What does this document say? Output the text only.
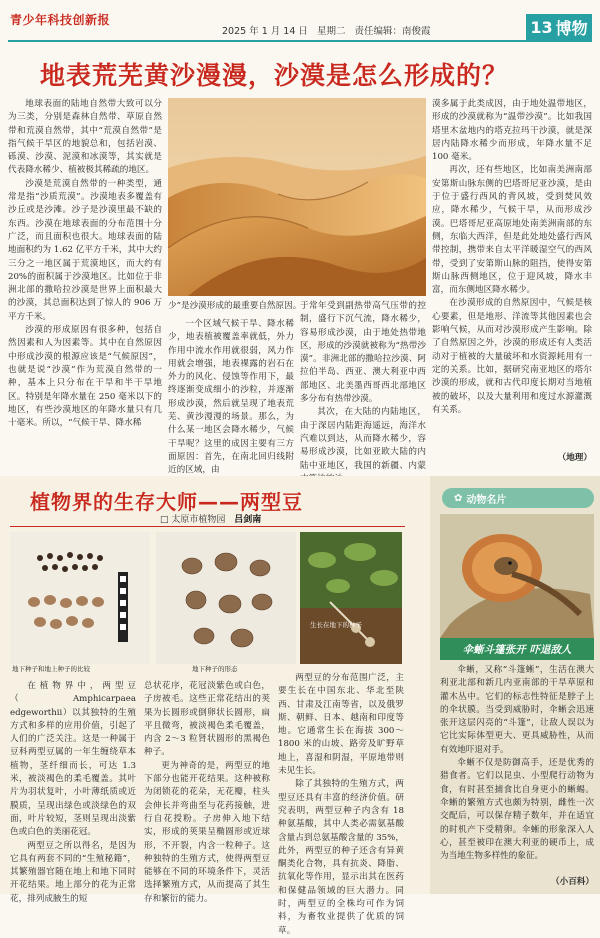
青少年科技创新报
2025 年 1 月 14 日 星期二 责任编辑：南俊霞	13 博物
地表荒芜黄沙漫漫，沙漠是怎么形成的？

地球表面的陆地自然带大致可以分为三类，分别是森林自然带、草原自然带和荒漠自然带，其中“荒漠自然带”是指气候干旱区的地貌总和，包括岩漠、砾漠、沙漠、泥漠和冰漠等，其实就是代表降水稀少、植被极其稀疏的地区。

沙漠是荒漠自然带的一种类型，通常是指“沙质荒漠”。沙漠地表多覆盖有沙丘或是沙滩。沙子是沙漠里最不缺的东西。沙漠在地球表面的分布范围十分广泛，而且面积也很大。地球表面的陆地面积约为 1.62 亿平方千米，其中大约三分之一地区属于荒漠地区，而大约有 20%的面积属于沙漠地区。比如位于非洲北部的撒哈拉沙漠是世界上面积最大的沙漠，其总面积达到了惊人的 906 万平方千米。

沙漠的形成原因有很多种，包括自然因素和人为因素等。其中在自然原因中形成沙漠的根源应该是“气候原因”，也就是说“沙漠”作为荒漠自然带的一种，基本上只分布在干旱和半干旱地区。特别是年降水量在 250 毫米以下的地区，有些沙漠地区的年降水量只有几十毫米。所以，“气候干旱、降水稀

少”是沙漠形成的最重要自然原因。

一个区域气候干旱、降水稀少，地表植被覆盖率就低，外力作用中流水作用就很弱，风力作用就会增强，地表裸露的岩石在外力的风化、侵蚀等作用下，最终逐渐变成细小的沙粒，并逐渐形成沙漠，然后就呈现了地表荒芜、黄沙漫漫的场景。那么，为什么某一地区会降水稀少，气候干旱呢？这里的成因主要有三方面原因：首先，在南北回归线附近的区域，由

于常年受到副热带高气压带的控制，盛行下沉气流，降水稀少，容易形成沙漠，由于地处热带地区，形成的沙漠就被称为“热带沙漠”。非洲北部的撒哈拉沙漠、阿拉伯半岛、西亚、澳大利亚中西部地区、北美墨西哥西北部地区多分布有热带沙漠。

其次，在大陆的内陆地区，由于深居内陆距海遥远，海洋水汽难以到达，从而降水稀少，容易形成沙漠，比如亚欧大陆的内陆中亚地区，我国的新疆、内蒙

漠多属于此类成因，由于地处温带地区，形成的沙漠就称为“温带沙漠”。比如我国塔里木盆地内的塔克拉玛干沙漠，就是深居内陆降水稀少而形成，年降水量不足 100 毫米。

再次，还有些地区，比如南美洲南部安第斯山脉东侧的巴塔哥尼亚沙漠，是由于位于盛行西风的背风坡，受到焚风效应，降水稀少，气候干旱，从而形成沙漠。巴塔哥尼亚高原地处南美洲南部的东侧，东临大西洋，但是此处地处盛行西风带控制，携带来自太平洋暖湿空气的西风带，受到了安第斯山脉的阻挡，使得安第斯山脉西侧地区，位于迎风坡，降水丰富，而东侧地区降水稀少。

在沙漠形成的自然原因中，气候是核心要素，但是地形、洋流等其他因素也会影响气候，从而对沙漠形成产生影响。除了自然原因之外，沙漠的形成还有人类活动对于植被的大量破坏和水资源耗用有一定的关系。比如，据研究南亚地区的塔尔沙漠的形成，就和古代印度长期对当地植被的破坏，以及大量利用和度过水源灌溉有关系。

（地理）
植物界的生存大师——两型豆
□ 太原市植物园 吕剑南
地下种子和地上种子的比较	地下种子的形态
生长在地下的种子

在植物界中，两型豆（Amphicarpaea edgeworthii）以其独特的生殖方式和多样的应用价值，引起了人们的广泛关注。这是一种属于豆科两型豆属的一年生缠绕草本植物，茎纤细而长，可达 1.3 米，被淡褐色的柔毛覆盖。其叶片为羽状复叶，小叶薄纸质或近膜质，呈现出绿色或淡绿色的双面，叶片较短，茎则呈现出淡紫色或白色的美丽花冠。

两型豆之所以得名，是因为它具有两套不同的“生殖秘籍”，其繁殖器官随在地上和地下同时开花结果。地上部分的花为正常花，排列成腋生的短

总状花序，花冠淡紫色或白色，子房被毛。这些正常花结出的荚果为长圆形或倒卵状长圆形，扁平且微弯，被淡褐色柔毛覆盖，内含 2～3 粒肾状圆形的黑褐色种子。

更为神奇的是，两型豆的地下部分也能开花结果。这种被称为闭锁花的花朵，无花瓣，柱头会伸长并弯曲至与花药接触，进行自花授粉。子房伸入地下结实，形成的荚果呈椭圆形或近球形，不开裂，内含一粒种子。这种独特的生殖方式，使得两型豆能够在不同的环境条件下，灵活选择繁殖方式，从而提高了其生存和繁衍的能力。

两型豆的分布范围广泛，主要生长在中国东北、华北至陕西、甘肃及江南等省，以及俄罗斯、朝鲜、日本、越南和印度等地。它通常生长在海拔 300～1800 米的山坡、路旁及旷野草地上，喜湿和阴湿，平原地带则未见生长。

除了其独特的生殖方式，两型豆还具有丰富的经济价值。研究表明，两型豆种子内含有 18 种氨基酸，其中人类必需氨基酸含量占到总氨基酸含量的 35%，此外，两型豆的种子还含有异黄酮类化合物，具有抗炎、降脂、抗氧化等作用，显示出其在医药和保健品领域的巨大潜力。同时，两型豆的全株均可作为饲料，为畜牧业提供了优质的饲草。

✿ 动物名片
伞蜥斗篷张开 吓退敌人

伞蜥，又称“斗篷蜥”，生活在澳大利亚北部和新几内亚南部的干旱草原和灌木丛中。它们的标志性特征是脖子上的伞状膜。当受到威胁时，伞蜥会迅速张开这层闪亮的“斗篷”，让敌人误以为它比实际体型更大、更具威胁性，从而有效地吓退对手。

伞蜥不仅是防御高手，还是优秀的猎食者。它们以昆虫、小型爬行动物为食，有时甚至捕食比自身更小的蜥蜴。伞蜥的繁殖方式也颇为特别，雌性一次交配后，可以保存精子数年，并在适宜的时机产下受精卵。伞蜥的形象深入人心，甚至被印在澳大利亚的硬币上，成为当地生物多样性的象征。

（小百科）
